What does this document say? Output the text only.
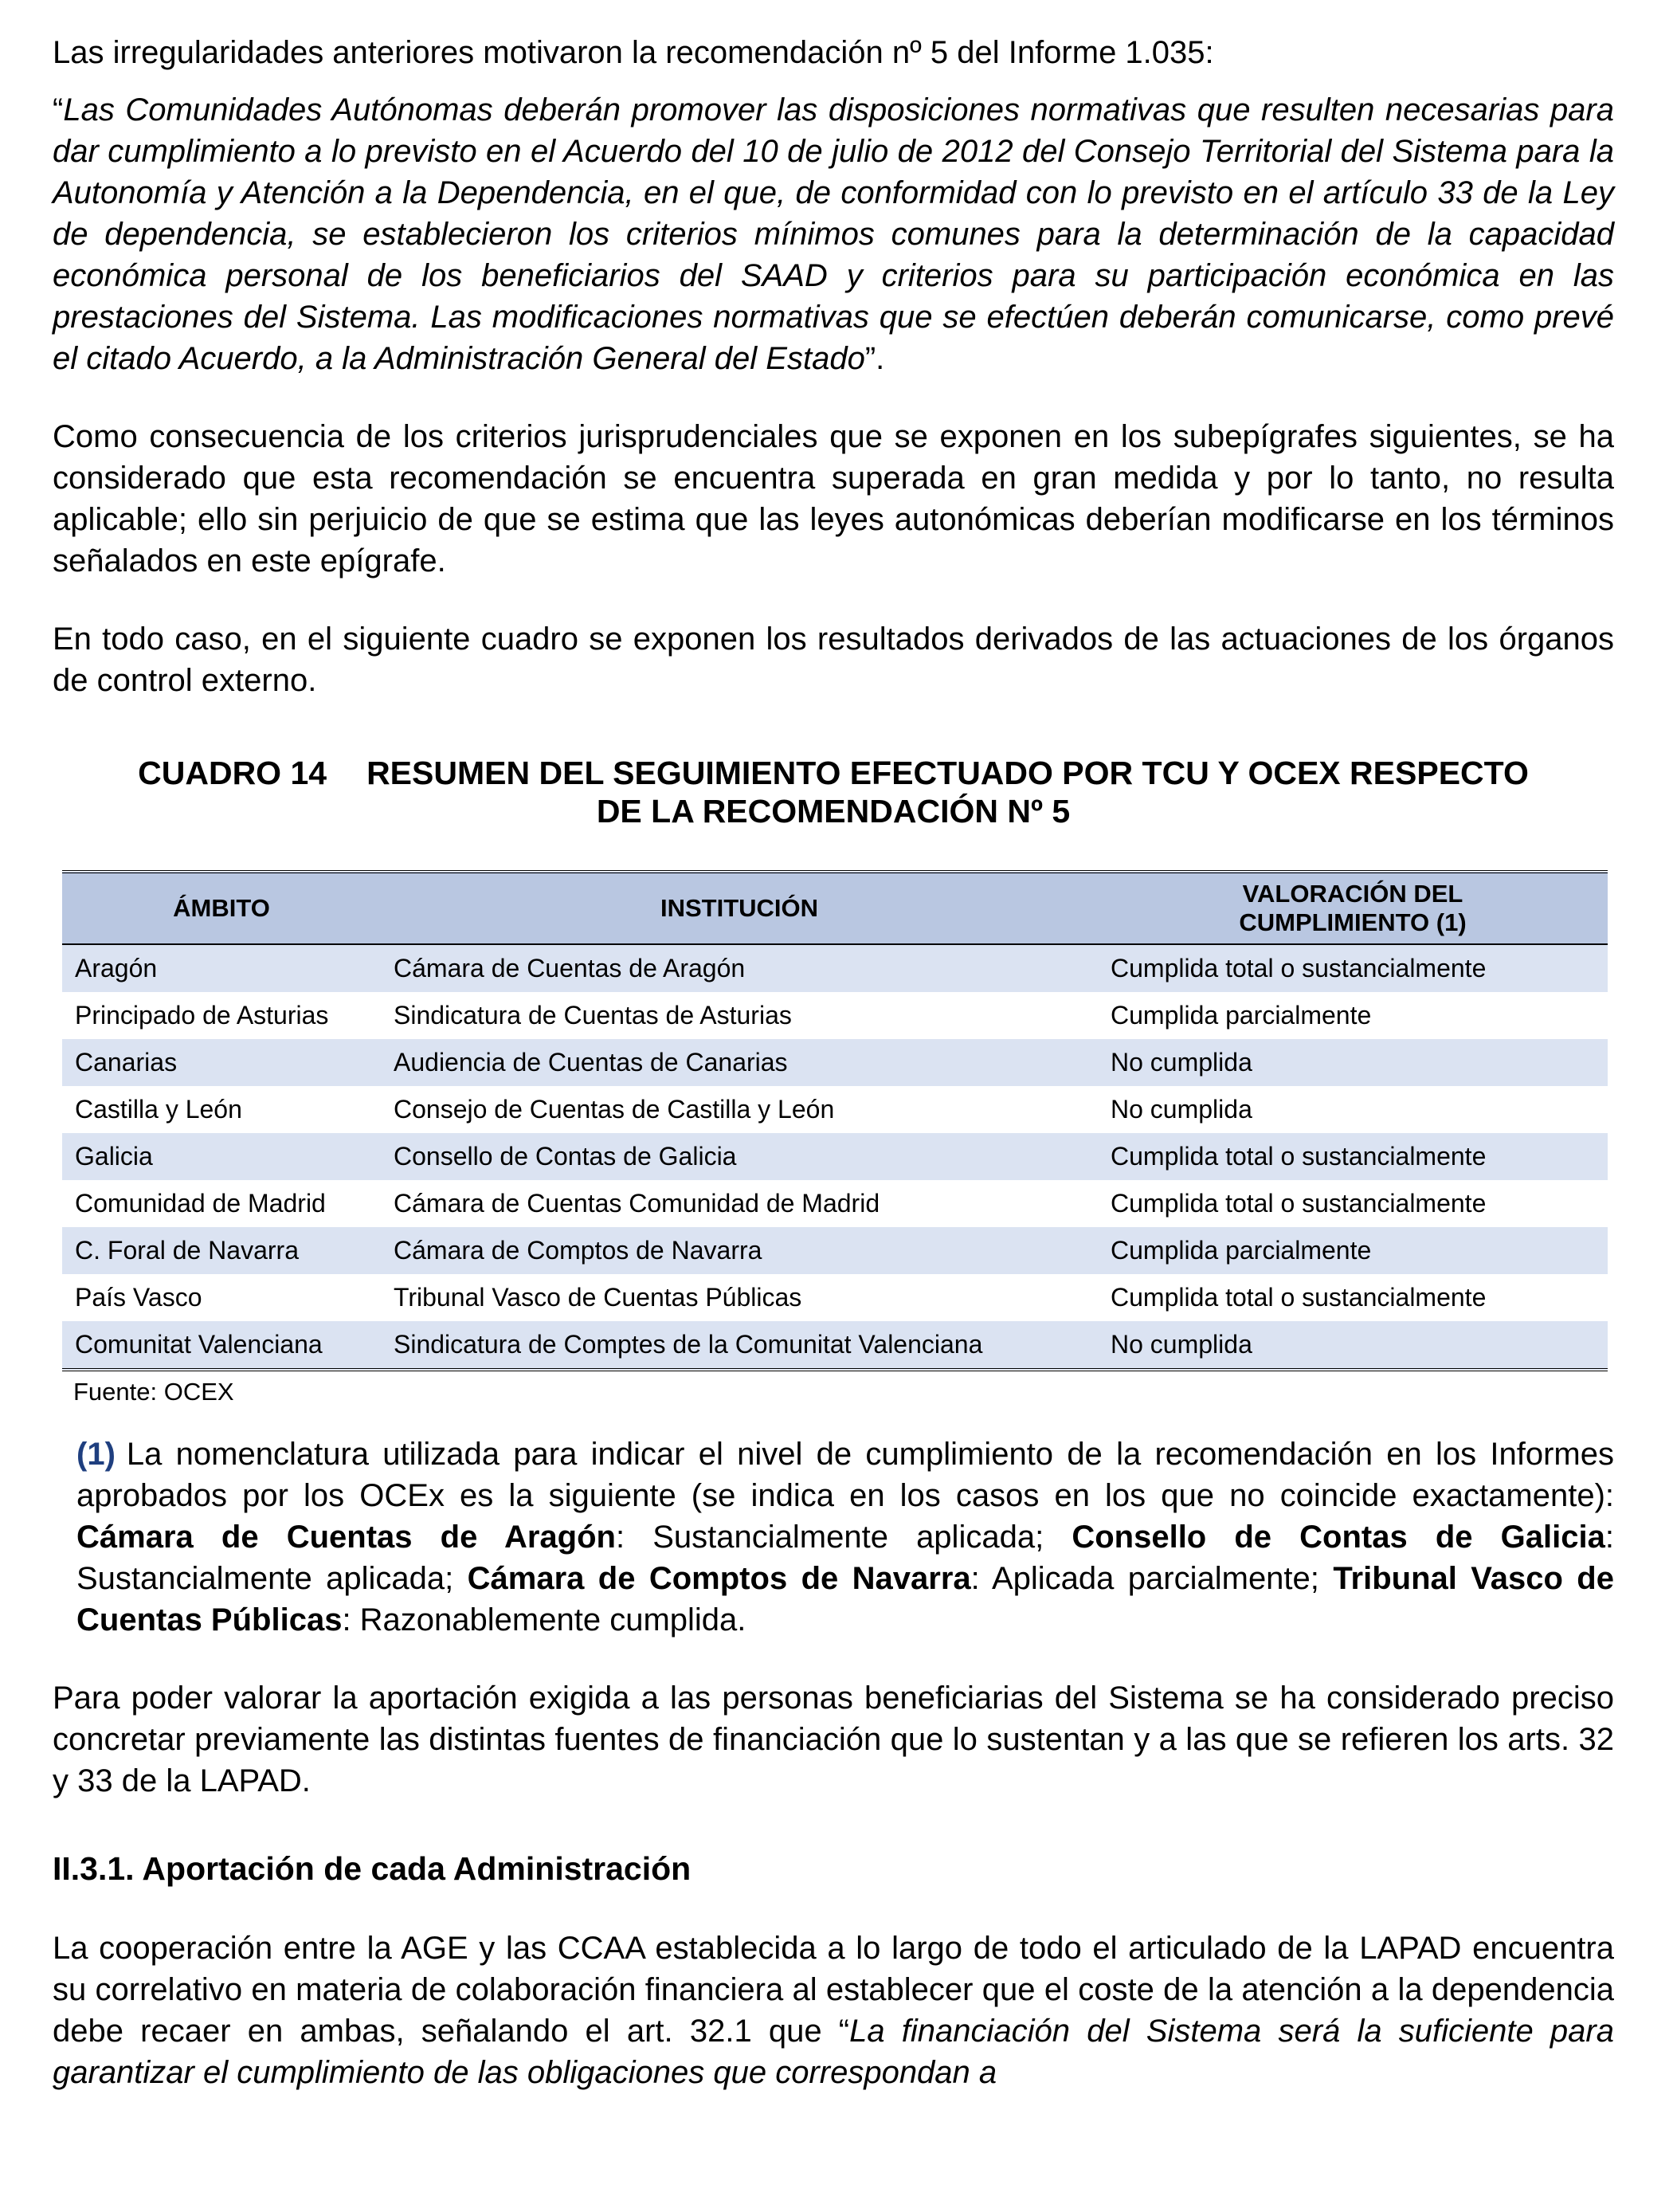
Las irregularidades anteriores motivaron la recomendación nº 5 del Informe 1.035:

“Las Comunidades Autónomas deberán promover las disposiciones normativas que resulten necesarias para dar cumplimiento a lo previsto en el Acuerdo del 10 de julio de 2012 del Consejo Territorial del Sistema para la Autonomía y Atención a la Dependencia, en el que, de conformidad con lo previsto en el artículo 33 de la Ley de dependencia, se establecieron los criterios mínimos comunes para la determinación de la capacidad económica personal de los beneficiarios del SAAD y criterios para su participación económica en las prestaciones del Sistema. Las modificaciones normativas que se efectúen deberán comunicarse, como prevé el citado Acuerdo, a la Administración General del Estado”.

Como consecuencia de los criterios jurisprudenciales que se exponen en los subepígrafes siguientes, se ha considerado que esta recomendación se encuentra superada en gran medida y por lo tanto, no resulta aplicable; ello sin perjuicio de que se estima que las leyes autonómicas deberían modificarse en los términos señalados en este epígrafe.

En todo caso, en el siguiente cuadro se exponen los resultados derivados de las actuaciones de los órganos de control externo.

CUADRO 14 RESUMEN DEL SEGUIMIENTO EFECTUADO POR TCU Y OCEX RESPECTO
DE LA RECOMENDACIÓN Nº 5
ÁMBITO	INSTITUCIÓN	VALORACIÓN DEL
CUMPLIMIENTO (1)

Aragón	Cámara de Cuentas de Aragón	Cumplida total o sustancialmente
Principado de Asturias	Sindicatura de Cuentas de Asturias	Cumplida parcialmente
Canarias	Audiencia de Cuentas de Canarias	No cumplida
Castilla y León	Consejo de Cuentas de Castilla y León	No cumplida
Galicia	Consello de Contas de Galicia	Cumplida total o sustancialmente
Comunidad de Madrid	Cámara de Cuentas Comunidad de Madrid	Cumplida total o sustancialmente
C. Foral de Navarra	Cámara de Comptos de Navarra	Cumplida parcialmente
País Vasco	Tribunal Vasco de Cuentas Públicas	Cumplida total o sustancialmente
Comunitat Valenciana	Sindicatura de Comptes de la Comunitat Valenciana	No cumplida
Fuente: OCEX

(1) La nomenclatura utilizada para indicar el nivel de cumplimiento de la recomendación en los Informes aprobados por los OCEx es la siguiente (se indica en los casos en los que no coincide exactamente): Cámara de Cuentas de Aragón: Sustancialmente aplicada; Consello de Contas de Galicia: Sustancialmente aplicada; Cámara de Comptos de Navarra: Aplicada parcialmente; Tribunal Vasco de Cuentas Públicas: Razonablemente cumplida.

Para poder valorar la aportación exigida a las personas beneficiarias del Sistema se ha considerado preciso concretar previamente las distintas fuentes de financiación que lo sustentan y a las que se refieren los arts. 32 y 33 de la LAPAD.

II.3.1. Aportación de cada Administración

La cooperación entre la AGE y las CCAA establecida a lo largo de todo el articulado de la LAPAD encuentra su correlativo en materia de colaboración financiera al establecer que el coste de la atención a la dependencia debe recaer en ambas, señalando el art. 32.1 que “La financiación del Sistema será la suficiente para garantizar el cumplimiento de las obligaciones que correspondan a
